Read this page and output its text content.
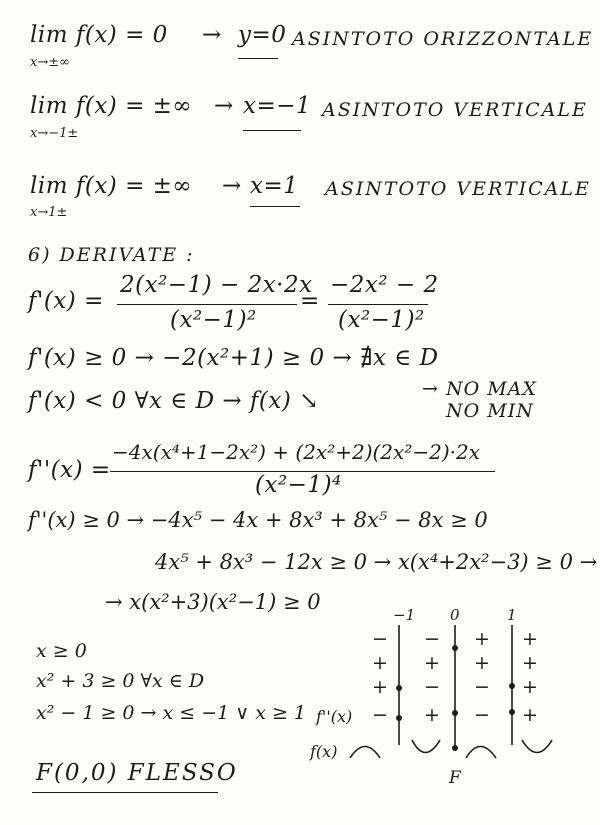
lim f(x) = 0
x→±∞
→ y=0 ASINTOTO ORIZZONTALE
lim f(x) = ±∞
x→−1±
→ x=−1 ASINTOTO VERTICALE
lim f(x) = ±∞
x→1±
→ x=1 ASINTOTO VERTICALE
6) DERIVATE :
f'(x) =
2(x²−1) − 2x·2x
(x²−1)²
=
−2x² − 2
(x²−1)²
f'(x) ≥ 0 → −2(x²+1) ≥ 0 → ∄x ∈ D
f'(x) < 0 ∀x ∈ D → f(x) ↘	→ NO MAX
NO MIN
f''(x) =
−4x(x⁴+1−2x²) + (2x²+2)(2x²−2)·2x
(x²−1)⁴
f''(x) ≥ 0 → −4x⁵ − 4x + 8x³ + 8x⁵ − 8x ≥ 0
4x⁵ + 8x³ − 12x ≥ 0 → x(x⁴+2x²−3) ≥ 0 →
→ x(x²+3)(x²−1) ≥ 0
x ≥ 0
x² + 3 ≥ 0 ∀x ∈ D
x² − 1 ≥ 0 → x ≤ −1 ∨ x ≥ 1
F(0,0) FLESSO
−1 0	1
−
+
+
−
−
+
−
+
+
+
−
−
+
+
+
+
f''(x)
f(x)
F
